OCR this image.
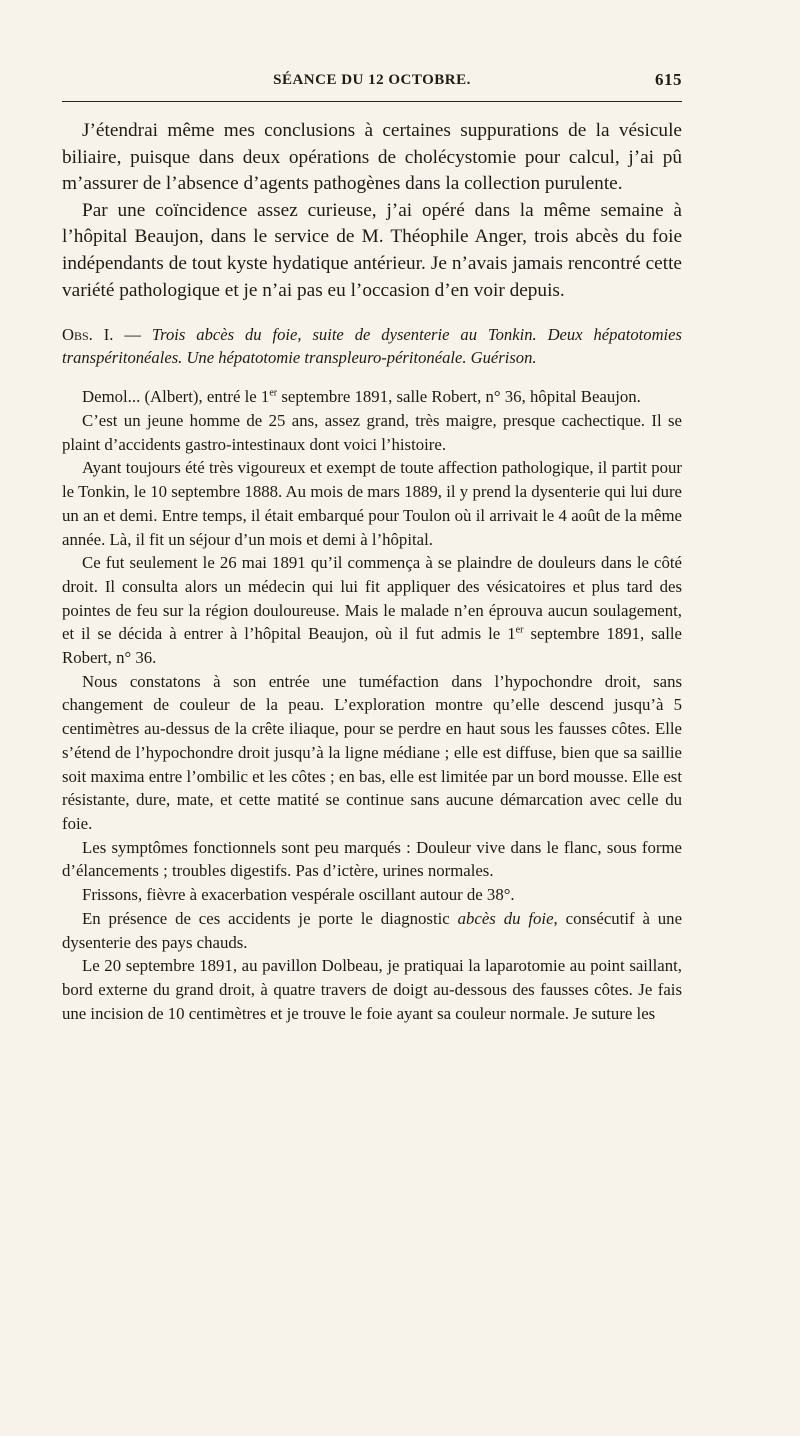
SÉANCE DU 12 OCTOBRE.	615

J’étendrai même mes conclusions à certaines suppurations de la vésicule biliaire, puisque dans deux opérations de cholécystomie pour calcul, j’ai pû m’assurer de l’absence d’agents pathogènes dans la collection purulente.

Par une coïncidence assez curieuse, j’ai opéré dans la même semaine à l’hôpital Beaujon, dans le service de M. Théophile Anger, trois abcès du foie indépendants de tout kyste hydatique antérieur. Je n’avais jamais rencontré cette variété pathologique et je n’ai pas eu l’occasion d’en voir depuis.

Obs. I. — Trois abcès du foie, suite de dysenterie au Tonkin. Deux hépatotomies transpéritonéales. Une hépatotomie transpleuro-péritonéale. Guérison.

Demol... (Albert), entré le 1er septembre 1891, salle Robert, n° 36, hôpital Beaujon.

C’est un jeune homme de 25 ans, assez grand, très maigre, presque cachectique. Il se plaint d’accidents gastro-intestinaux dont voici l’histoire.

Ayant toujours été très vigoureux et exempt de toute affection pathologique, il partit pour le Tonkin, le 10 septembre 1888. Au mois de mars 1889, il y prend la dysenterie qui lui dure un an et demi. Entre temps, il était embarqué pour Toulon où il arrivait le 4 août de la même année. Là, il fit un séjour d’un mois et demi à l’hôpital.

Ce fut seulement le 26 mai 1891 qu’il commença à se plaindre de douleurs dans le côté droit. Il consulta alors un médecin qui lui fit appliquer des vésicatoires et plus tard des pointes de feu sur la région douloureuse. Mais le malade n’en éprouva aucun soulagement, et il se décida à entrer à l’hôpital Beaujon, où il fut admis le 1er septembre 1891, salle Robert, n° 36.

Nous constatons à son entrée une tuméfaction dans l’hypochondre droit, sans changement de couleur de la peau. L’exploration montre qu’elle descend jusqu’à 5 centimètres au-dessus de la crête iliaque, pour se perdre en haut sous les fausses côtes. Elle s’étend de l’hypochondre droit jusqu’à la ligne médiane ; elle est diffuse, bien que sa saillie soit maxima entre l’ombilic et les côtes ; en bas, elle est limitée par un bord mousse. Elle est résistante, dure, mate, et cette matité se continue sans aucune démarcation avec celle du foie.

Les symptômes fonctionnels sont peu marqués : Douleur vive dans le flanc, sous forme d’élancements ; troubles digestifs. Pas d’ictère, urines normales.

Frissons, fièvre à exacerbation vespérale oscillant autour de 38°.

En présence de ces accidents je porte le diagnostic abcès du foie, consécutif à une dysenterie des pays chauds.

Le 20 septembre 1891, au pavillon Dolbeau, je pratiquai la laparotomie au point saillant, bord externe du grand droit, à quatre travers de doigt au-dessous des fausses côtes. Je fais une incision de 10 centimètres et je trouve le foie ayant sa couleur normale. Je suture les
